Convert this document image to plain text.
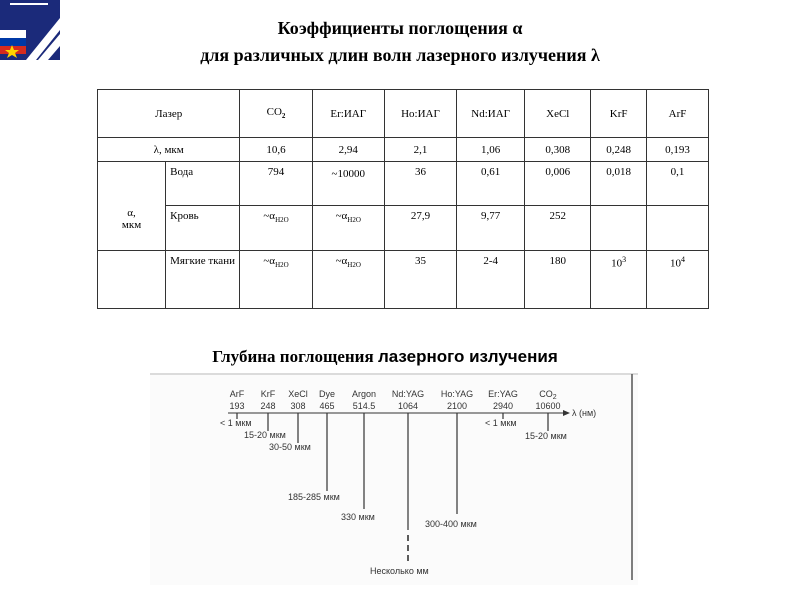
Коэффициенты поглощения α
для различных длин волн лазерного излучения λ
Лазер		$CO_2$	Er:ИАГ	Ho:ИАГ	Nd:ИАГ	XeCl	KrF	ArF
λ, мкм		10,6	2,94	2,1	1,06	0,308	0,248	0,193

α,
мкм	Вода	794	~10000	36	0,61	0,006	0,018	0,1
	Кровь	$\sim\alpha_{H2O}$	$\sim\alpha_{H2O}$	27,9	9,77	252		
	Мягкие ткани	$\sim\alpha_{H2O}$	$\sim\alpha_{H2O}$	35	2-4	180	$10^3$	$10^4$
Глубина поглощения лазерного излучения
ArF KrF XeCl Dye Argon Nd:YAG Ho:YAG Er:YAG $CO_2$
193 248 308 465 514.5	1064	2100	2940 10600
λ (нм)
< 1 мкм
15-20 мкм
30-50 мкм
185-285 мкм
330 мкм
Несколько мм
300-400 мкм
< 1 мкм
15-20 мкм
